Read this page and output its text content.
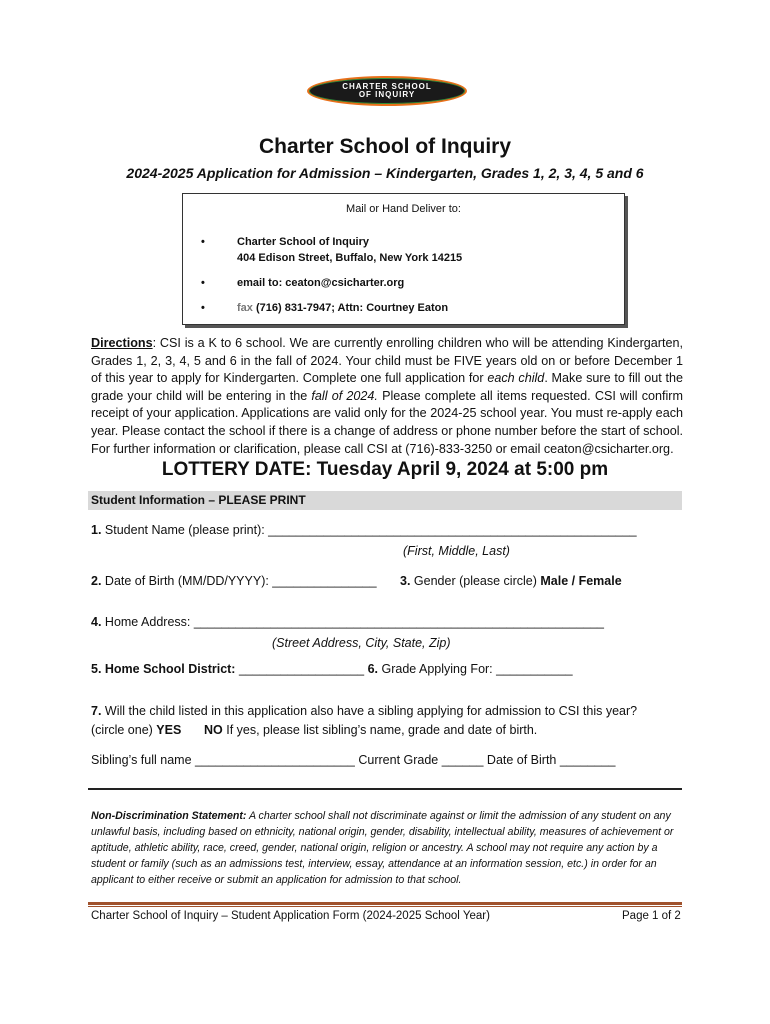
CHARTER SCHOOL
OF INQUIRY
Charter School of Inquiry
2024-2025 Application for Admission – Kindergarten, Grades 1, 2, 3, 4, 5 and 6
Mail or Hand Deliver to:
•	Charter School of Inquiry
404 Edison Street, Buffalo, New York 14215
•	email to: ceaton@csicharter.org
•	fax (716) 831-7947; Attn: Courtney Eaton
Directions: CSI is a K to 6 school. We are currently enrolling children who will be attending Kindergarten, Grades 1, 2, 3, 4, 5 and 6 in the fall of 2024. Your child must be FIVE years old on or before December 1 of this year to apply for Kindergarten. Complete one full application for each child. Make sure to fill out the grade your child will be entering in the fall of 2024. Please complete all items requested. CSI will confirm receipt of your application. Applications are valid only for the 2024-25 school year. You must re-apply each year. Please contact the school if there is a change of address or phone number before the start of school. For further information or clarification, please call CSI at (716)-833-3250 or email ceaton@csicharter.org.
LOTTERY DATE: Tuesday April 9, 2024 at 5:00 pm
Student Information – PLEASE PRINT
1. Student Name (please print): _____________________________________________________
(First, Middle, Last)
2. Date of Birth (MM/DD/YYYY): _______________ 3. Gender (please circle) Male / Female
4. Home Address: ___________________________________________________________
(Street Address, City, State, Zip)
5. Home School District: __________________ 6. Grade Applying For: ___________
7. Will the child listed in this application also have a sibling applying for admission to CSI this year?
(circle one) YES NO If yes, please list sibling’s name, grade and date of birth.
Sibling’s full name _______________________ Current Grade ______ Date of Birth ________
Non-Discrimination Statement: A charter school shall not discriminate against or limit the admission of any student on any unlawful basis, including based on ethnicity, national origin, gender, disability, intellectual ability, measures of achievement or aptitude, athletic ability, race, creed, gender, national origin, religion or ancestry. A school may not require any action by a student or family (such as an admissions test, interview, essay, attendance at an information session, etc.) in order for an applicant to either receive or submit an application for admission to that school.
Charter School of Inquiry – Student Application Form (2024-2025 School Year)	Page 1 of 2
